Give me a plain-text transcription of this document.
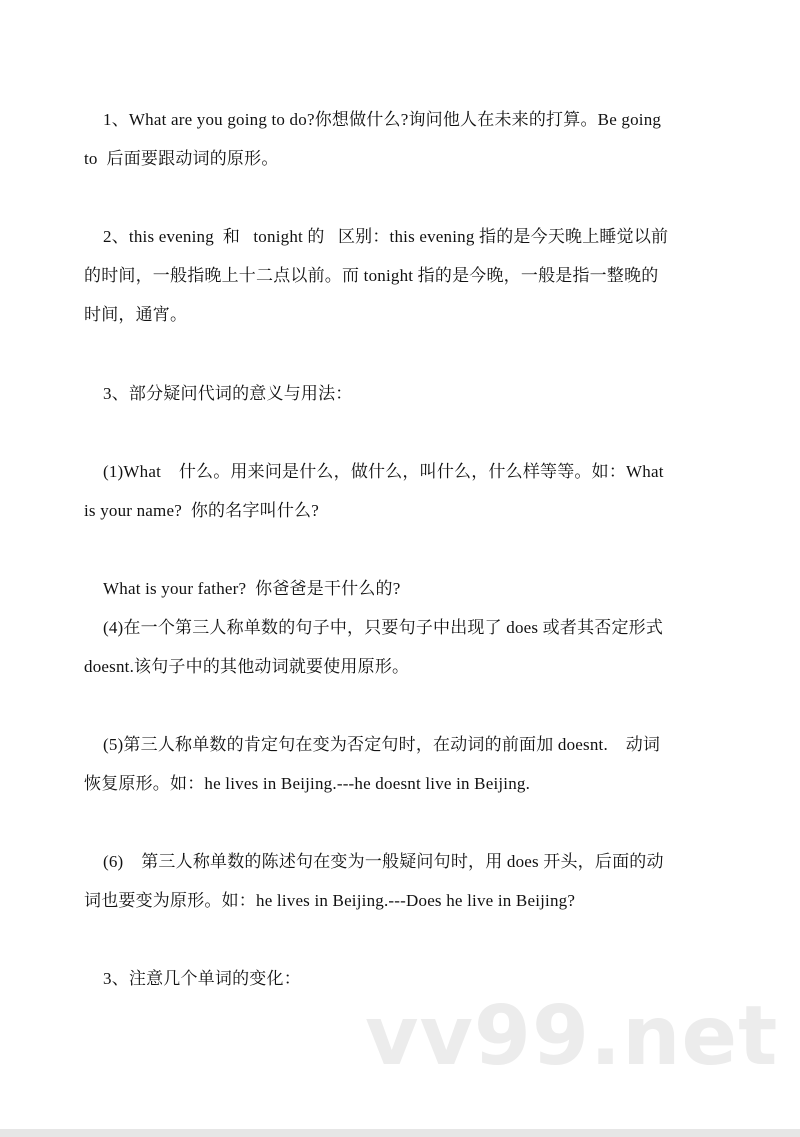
1、What are you going to do?你想做什么?询问他人在未来的打算。Be going
to  后面要跟动词的原形。
2、this evening  和   tonight 的   区别：this evening 指的是今天晚上睡觉以前
的时间，一般指晚上十二点以前。而 tonight 指的是今晚，一般是指一整晚的
时间，通宵。
3、部分疑问代词的意义与用法：
(1)What    什么。用来问是什么，做什么，叫什么，什么样等等。如：What
is your name?  你的名字叫什么?
What is your father?  你爸爸是干什么的?
(4)在一个第三人称单数的句子中，只要句子中出现了 does 或者其否定形式
doesnt.该句子中的其他动词就要使用原形。
(5)第三人称单数的肯定句在变为否定句时，在动词的前面加 doesnt.    动词
恢复原形。如：he lives in Beijing.---he doesnt live in Beijing.
(6)    第三人称单数的陈述句在变为一般疑问句时，用 does 开头，后面的动
词也要变为原形。如：he lives in Beijing.---Does he live in Beijing?
3、注意几个单词的变化：
vv99.net
